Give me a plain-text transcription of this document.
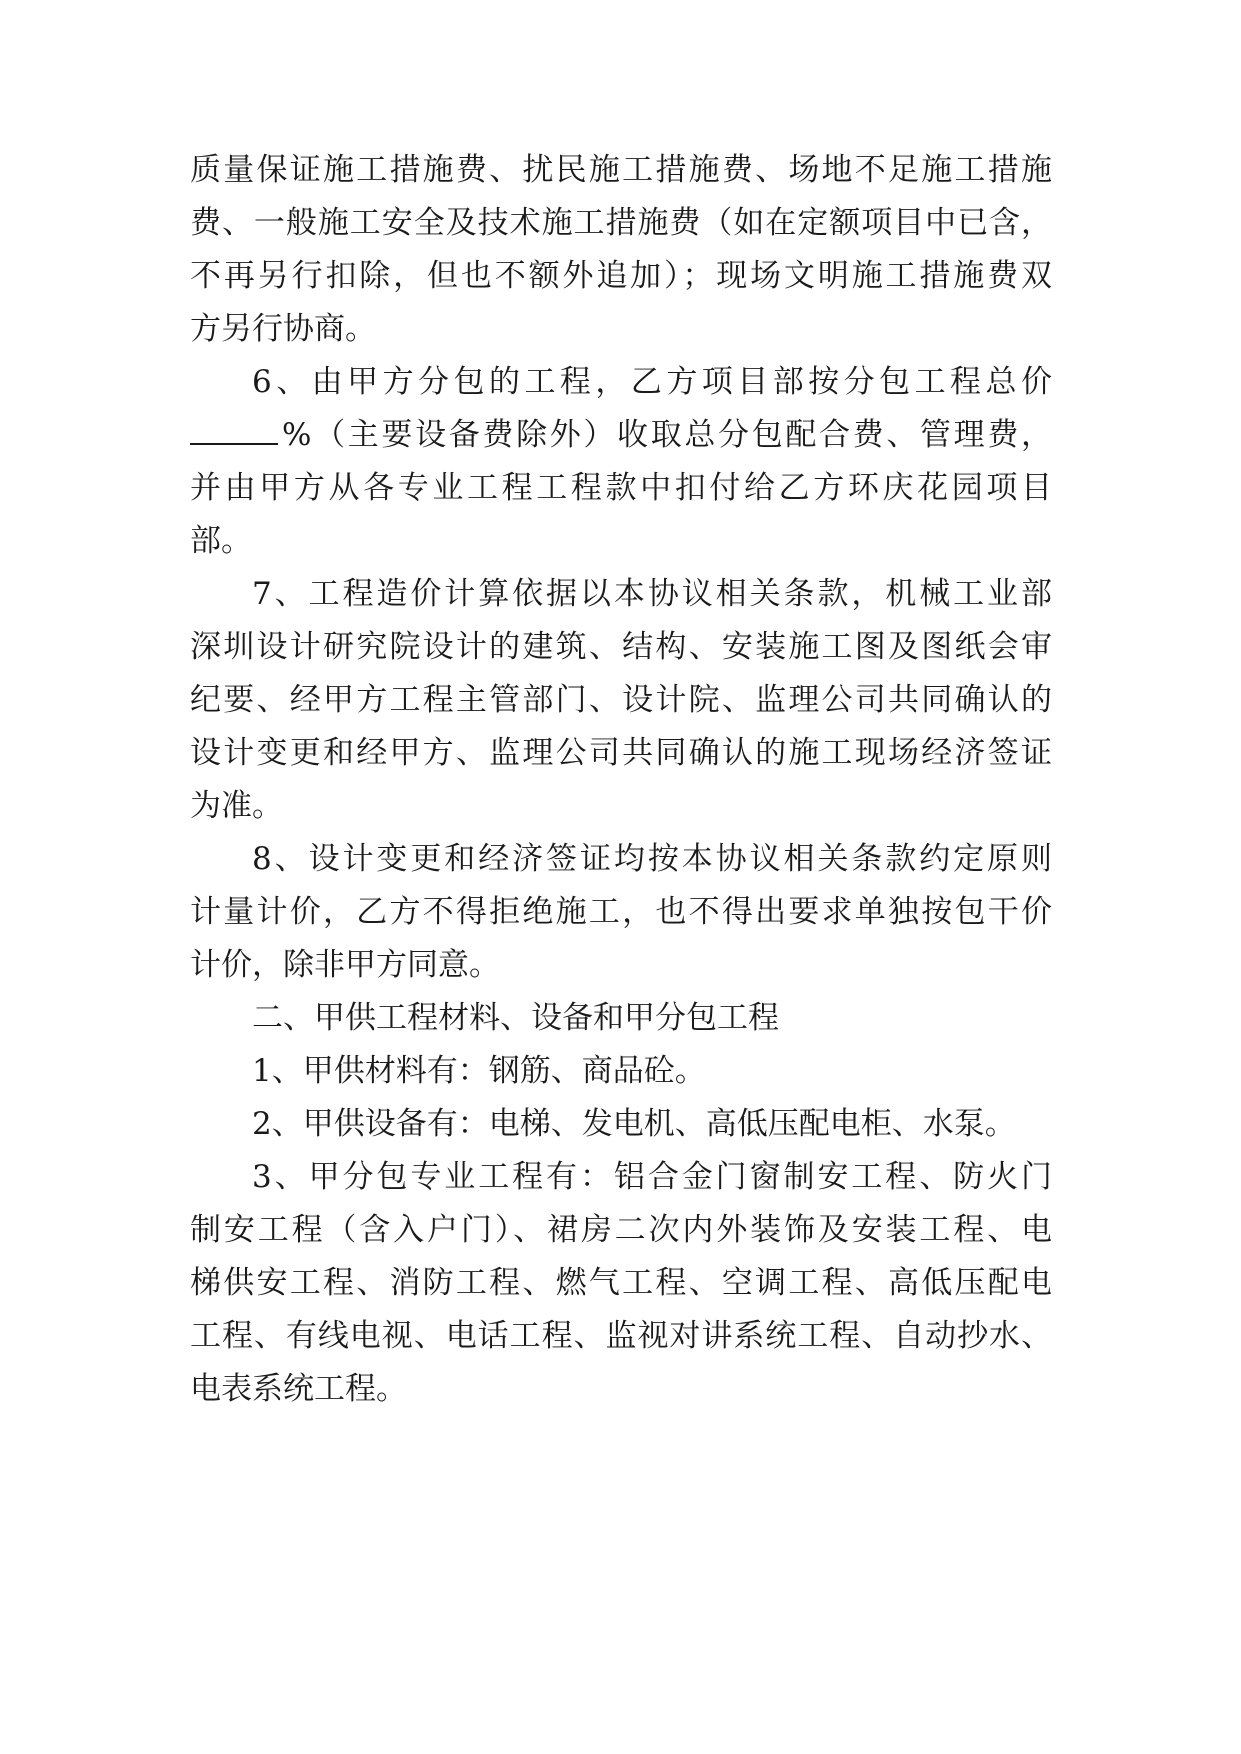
质量保证施工措施费、扰民施工措施费、场地不足施工措施
费、一般施工安全及技术施工措施费（如在定额项目中已含，
不再另行扣除，但也不额外追加）；现场文明施工措施费双
方另行协商。
6、由甲方分包的工程，乙方项目部按分包工程总价
%（主要设备费除外）收取总分包配合费、管理费，
并由甲方从各专业工程工程款中扣付给乙方环庆花园项目
部。
7、工程造价计算依据以本协议相关条款，机械工业部
深圳设计研究院设计的建筑、结构、安装施工图及图纸会审
纪要、经甲方工程主管部门、设计院、监理公司共同确认的
设计变更和经甲方、监理公司共同确认的施工现场经济签证
为准。
8、设计变更和经济签证均按本协议相关条款约定原则
计量计价，乙方不得拒绝施工，也不得出要求单独按包干价
计价，除非甲方同意。
二、甲供工程材料、设备和甲分包工程
1、甲供材料有：钢筋、商品砼。
2、甲供设备有：电梯、发电机、高低压配电柜、水泵。
3、甲分包专业工程有：铝合金门窗制安工程、防火门
制安工程（含入户门）、裙房二次内外装饰及安装工程、电
梯供安工程、消防工程、燃气工程、空调工程、高低压配电
工程、有线电视、电话工程、监视对讲系统工程、自动抄水、
电表系统工程。
